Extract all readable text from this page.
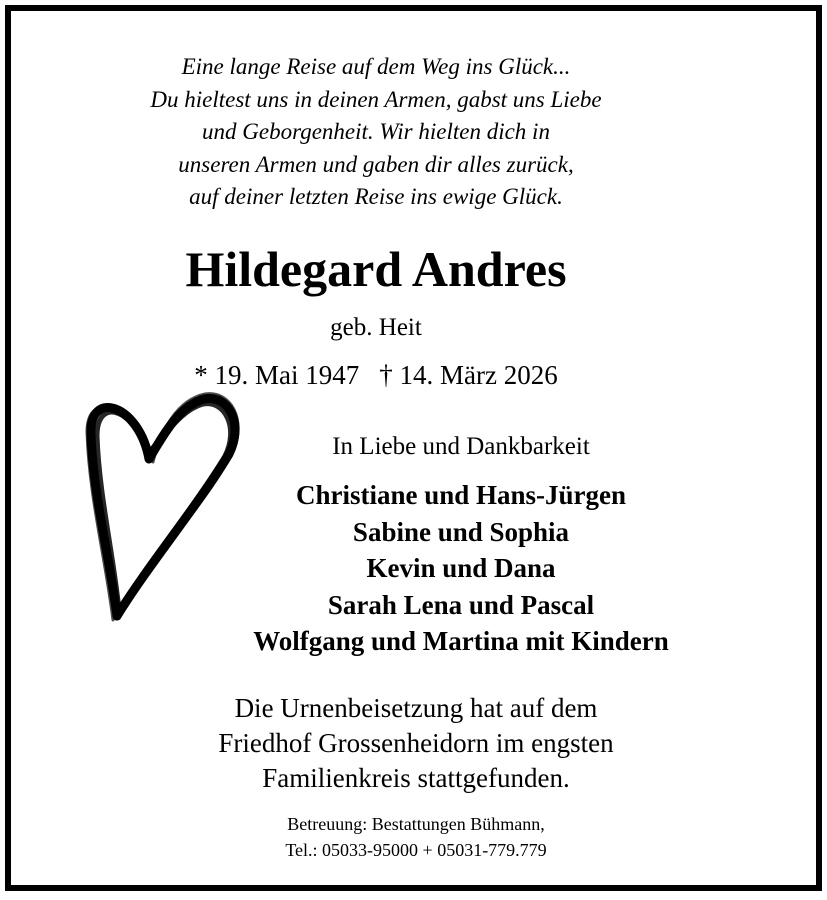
Eine lange Reise auf dem Weg ins Glück...
Du hieltest uns in deinen Armen, gabst uns Liebe
und Geborgenheit. Wir hielten dich in
unseren Armen und gaben dir alles zurück,
auf deiner letzten Reise ins ewige Glück.
Hildegard Andres
geb. Heit
* 19. Mai 1947 † 14. März 2026
In Liebe und Dankbarkeit
Christiane und Hans-Jürgen
Sabine und Sophia
Kevin und Dana
Sarah Lena und Pascal
Wolfgang und Martina mit Kindern
Die Urnenbeisetzung hat auf dem
Friedhof Grossenheidorn im engsten
Familienkreis stattgefunden.
Betreuung: Bestattungen Bühmann,
Tel.: 05033-95000 + 05031-779.779
